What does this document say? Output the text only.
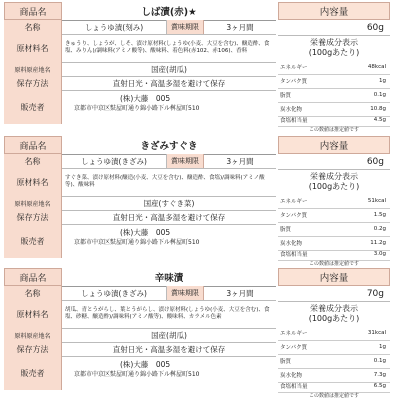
商品名	しば漬(赤)★	内容量
名称	しょうゆ漬(刻み)	賞味期限	3ヶ月間	60g
原材料名	きゅうり、しょうが、しそ、漬け原材料(しょうゆ(小麦、大豆を含む)、醸造酢、食塩、みりん)/調味料(アミノ酸等)、酸味料、着色料(赤102、赤106)、香料
栄養成分表示
(100gあたり)
原料原産地名	国産(胡瓜)
保存方法	直射日光・高温多湿を避けて保存
販売者
(株)大藤　005
京都市中京区麩屋町通り錦小路下ル桝屋町510
エネルギー	48kcal
タンパク質	1g
脂質	0.1g
炭水化物	10.8g
食塩相当量	4.5g
この数値は推定値です
商品名	きざみすぐき	内容量
名称	しょうゆ漬(きざみ)	賞味期限	3ヶ月間	60g
原材料名	すぐき菜、漬け原材料(醸造(小麦、大豆を含む)、醸造酢、食塩)/調味料(アミノ酸等)、酸味料
栄養成分表示
(100gあたり)
原料原産地名	国産(すぐき菜)
保存方法	直射日光・高温多湿を避けて保存
販売者
(株)大藤　005
京都市中京区麩屋町通り錦小路下ル桝屋町510
エネルギー	51kcal
タンパク質	1.5g
脂質	0.2g
炭水化物	11.2g
食塩相当量	3.0g
この数値は推定値です
商品名	辛味漬	内容量
名称	しょうゆ漬(きざみ)	賞味期限	3ヶ月間	70g
原材料名	胡瓜、青とうがらし、葉とうがらし、漬け原材料(しょうゆ(小麦、大豆を含む)、食塩、砂糖、醸造酢)/調味料(アミノ酸等)、酸味料、カラメル色素
栄養成分表示
(100gあたり)
原料原産地名	国産(胡瓜)
保存方法	直射日光・高温多湿を避けて保存
販売者
(株)大藤　005
京都市中京区麩屋町通り錦小路下ル桝屋町510
エネルギー	31kcal
タンパク質	1g
脂質	0.1g
炭水化物	7.3g
食塩相当量	6.5g
この数値は推定値です
